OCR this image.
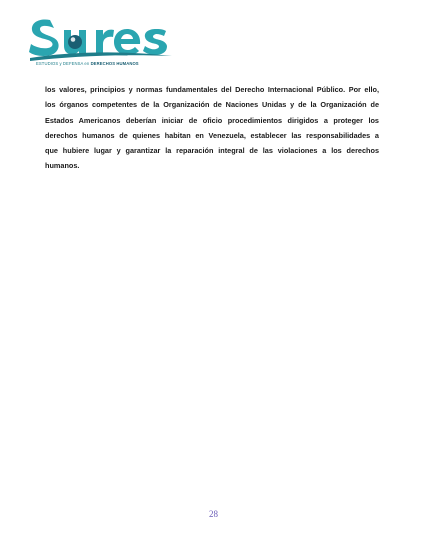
ESTUDIOS y DEFENSA en DERECHOS HUMANOS
los valores, principios y normas fundamentales del Derecho Internacional Público. Por ello,
los órganos competentes de la Organización de Naciones Unidas y de la Organización de
Estados Americanos deberían iniciar de oficio procedimientos dirigidos a proteger los
derechos humanos de quienes habitan en Venezuela, establecer las responsabilidades a
que hubiere lugar y garantizar la reparación integral de las violaciones a los derechos
humanos.
28
